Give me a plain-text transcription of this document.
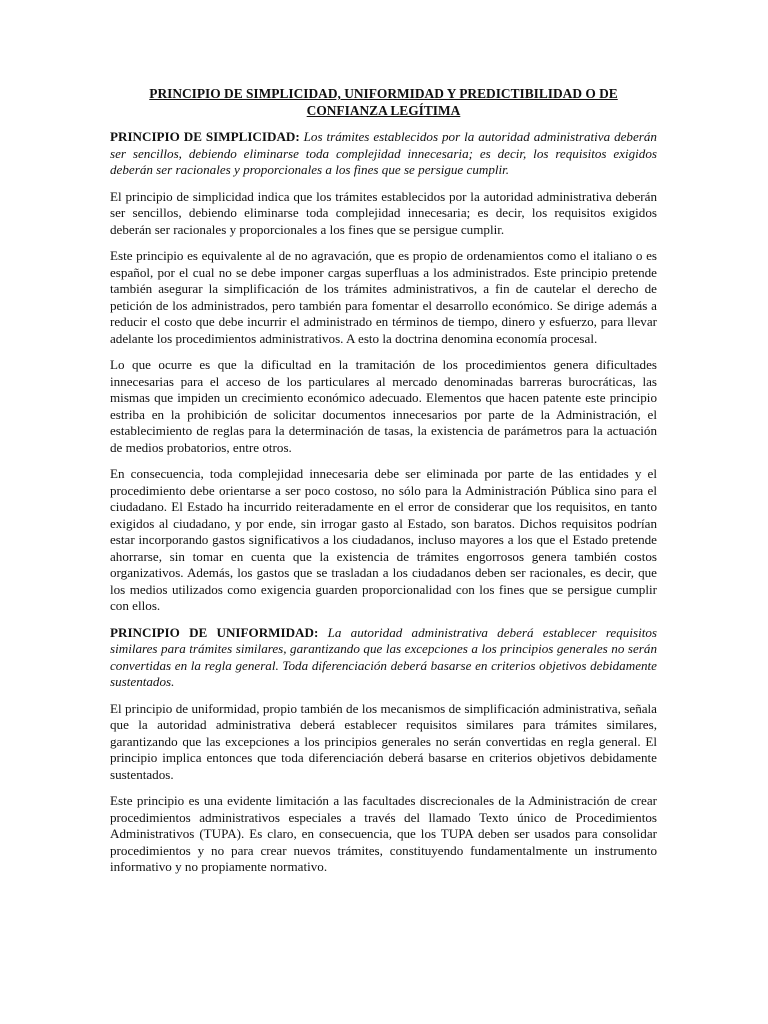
PRINCIPIO DE SIMPLICIDAD, UNIFORMIDAD Y PREDICTIBILIDAD O DE
CONFIANZA LEGÍTIMA

PRINCIPIO DE SIMPLICIDAD: Los trámites establecidos por la autoridad administrativa deberán ser sencillos, debiendo eliminarse toda complejidad innecesaria; es decir, los requisitos exigidos deberán ser racionales y proporcionales a los fines que se persigue cumplir.

El principio de simplicidad indica que los trámites establecidos por la autoridad administrativa deberán ser sencillos, debiendo eliminarse toda complejidad innecesaria; es decir, los requisitos exigidos deberán ser racionales y proporcionales a los fines que se persigue cumplir.

Este principio es equivalente al de no agravación, que es propio de ordenamientos como el italiano o es español, por el cual no se debe imponer cargas superfluas a los administrados. Este principio pretende también asegurar la simplificación de los trámites administrativos, a fin de cautelar el derecho de petición de los administrados, pero también para fomentar el desarrollo económico. Se dirige además a reducir el costo que debe incurrir el administrado en términos de tiempo, dinero y esfuerzo, para llevar adelante los procedimientos administrativos. A esto la doctrina denomina economía procesal.

Lo que ocurre es que la dificultad en la tramitación de los procedimientos genera dificultades innecesarias para el acceso de los particulares al mercado denominadas barreras burocráticas, las mismas que impiden un crecimiento económico adecuado. Elementos que hacen patente este principio estriba en la prohibición de solicitar documentos innecesarios por parte de la Administración, el establecimiento de reglas para la determinación de tasas, la existencia de parámetros para la actuación de medios probatorios, entre otros.

En consecuencia, toda complejidad innecesaria debe ser eliminada por parte de las entidades y el procedimiento debe orientarse a ser poco costoso, no sólo para la Administración Pública sino para el ciudadano. El Estado ha incurrido reiteradamente en el error de considerar que los requisitos, en tanto exigidos al ciudadano, y por ende, sin irrogar gasto al Estado, son baratos. Dichos requisitos podrían estar incorporando gastos significativos a los ciudadanos, incluso mayores a los que el Estado pretende ahorrarse, sin tomar en cuenta que la existencia de trámites engorrosos genera también costos organizativos. Además, los gastos que se trasladan a los ciudadanos deben ser racionales, es decir, que los medios utilizados como exigencia guarden proporcionalidad con los fines que se persigue cumplir con ellos.

PRINCIPIO DE UNIFORMIDAD: La autoridad administrativa deberá establecer requisitos similares para trámites similares, garantizando que las excepciones a los principios generales no serán convertidas en la regla general. Toda diferenciación deberá basarse en criterios objetivos debidamente sustentados.

El principio de uniformidad, propio también de los mecanismos de simplificación administrativa, señala que la autoridad administrativa deberá establecer requisitos similares para trámites similares, garantizando que las excepciones a los principios generales no serán convertidas en regla general. El principio implica entonces que toda diferenciación deberá basarse en criterios objetivos debidamente sustentados.

Este principio es una evidente limitación a las facultades discrecionales de la Administración de crear procedimientos administrativos especiales a través del llamado Texto único de Procedimientos Administrativos (TUPA). Es claro, en consecuencia, que los TUPA deben ser usados para consolidar procedimientos y no para crear nuevos trámites, constituyendo fundamentalmente un instrumento informativo y no propiamente normativo.
